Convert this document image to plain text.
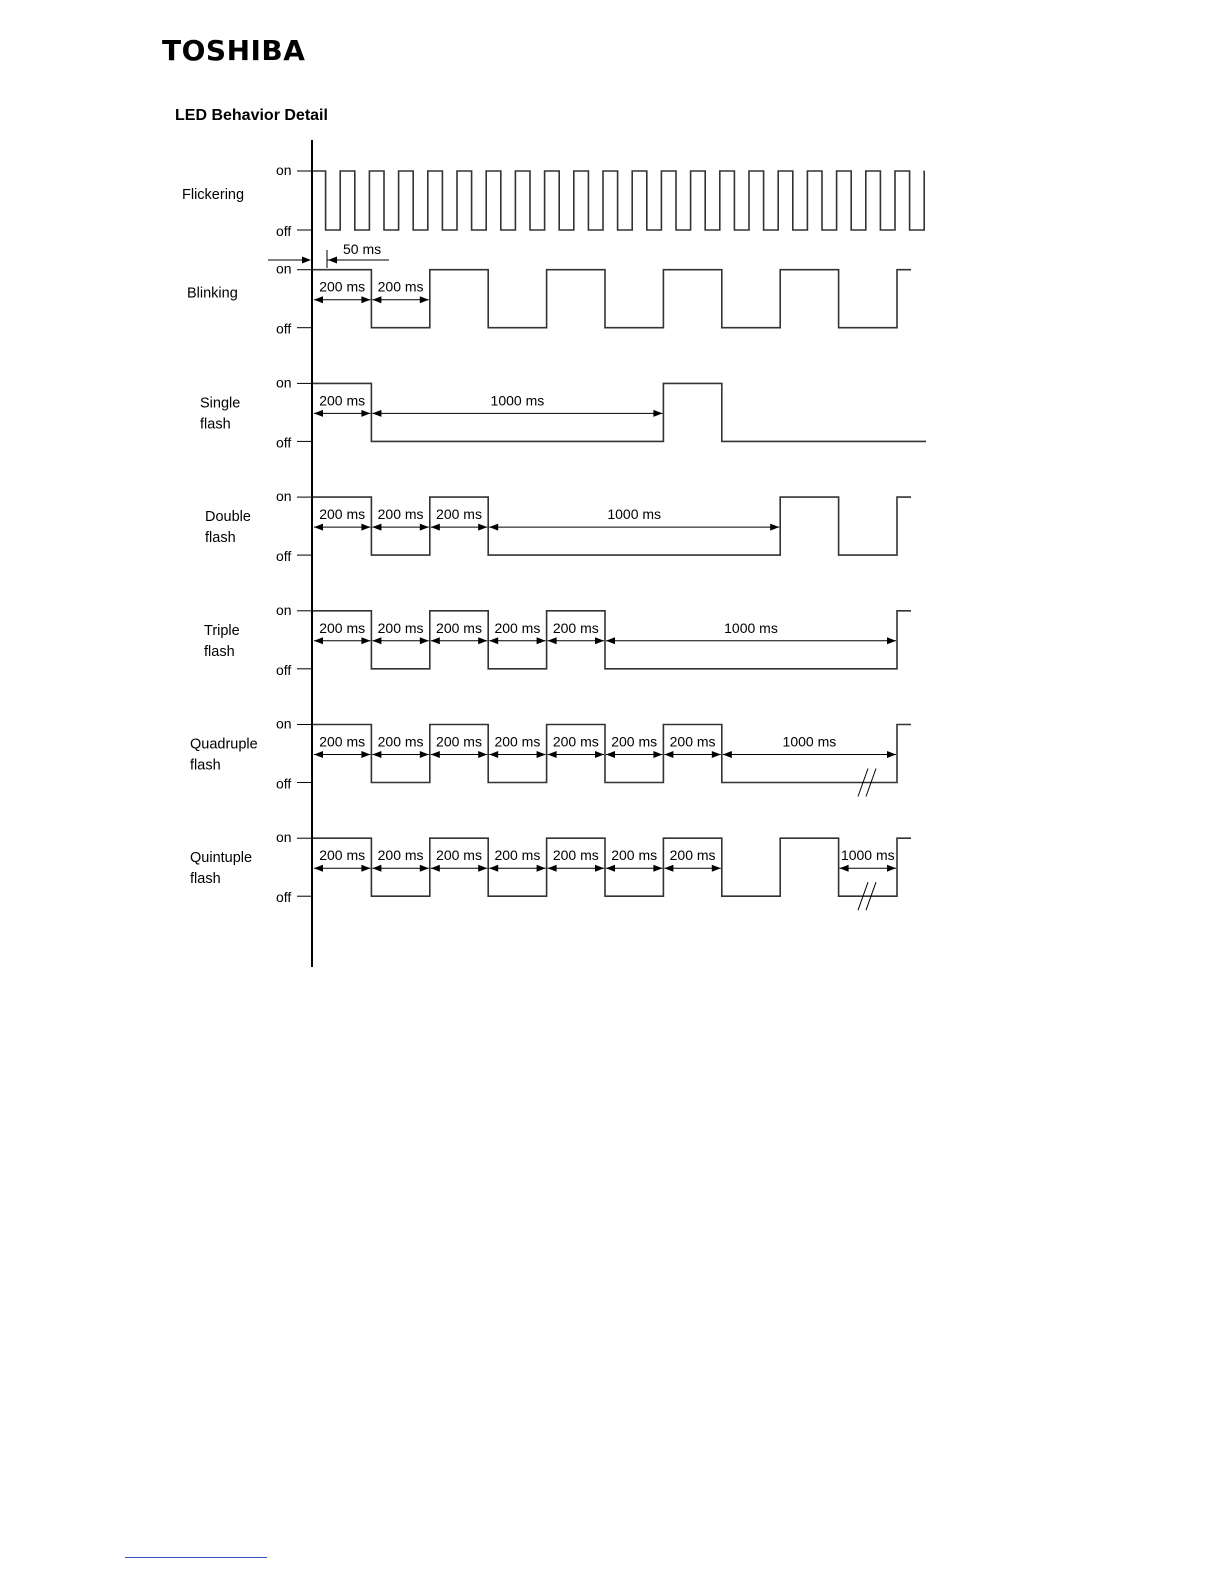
TOSHIBA
LED Behavior Detail
Flickering
on
off
50 ms
Blinking
on
off
200 ms 200 ms
Single
flash
on
off
200 ms	1000 ms
Double
flash
on
off
200 ms 200 ms 200 ms	1000 ms
Triple
flash
on
off
200 ms 200 ms 200 ms 200 ms 200 ms	1000 ms
Quadruple
flash
on
off
200 ms 200 ms 200 ms 200 ms 200 ms 200 ms 200 ms	1000 ms
Quintuple
flash
on
off
200 ms 200 ms 200 ms 200 ms 200 ms 200 ms 200 ms	1000 ms
